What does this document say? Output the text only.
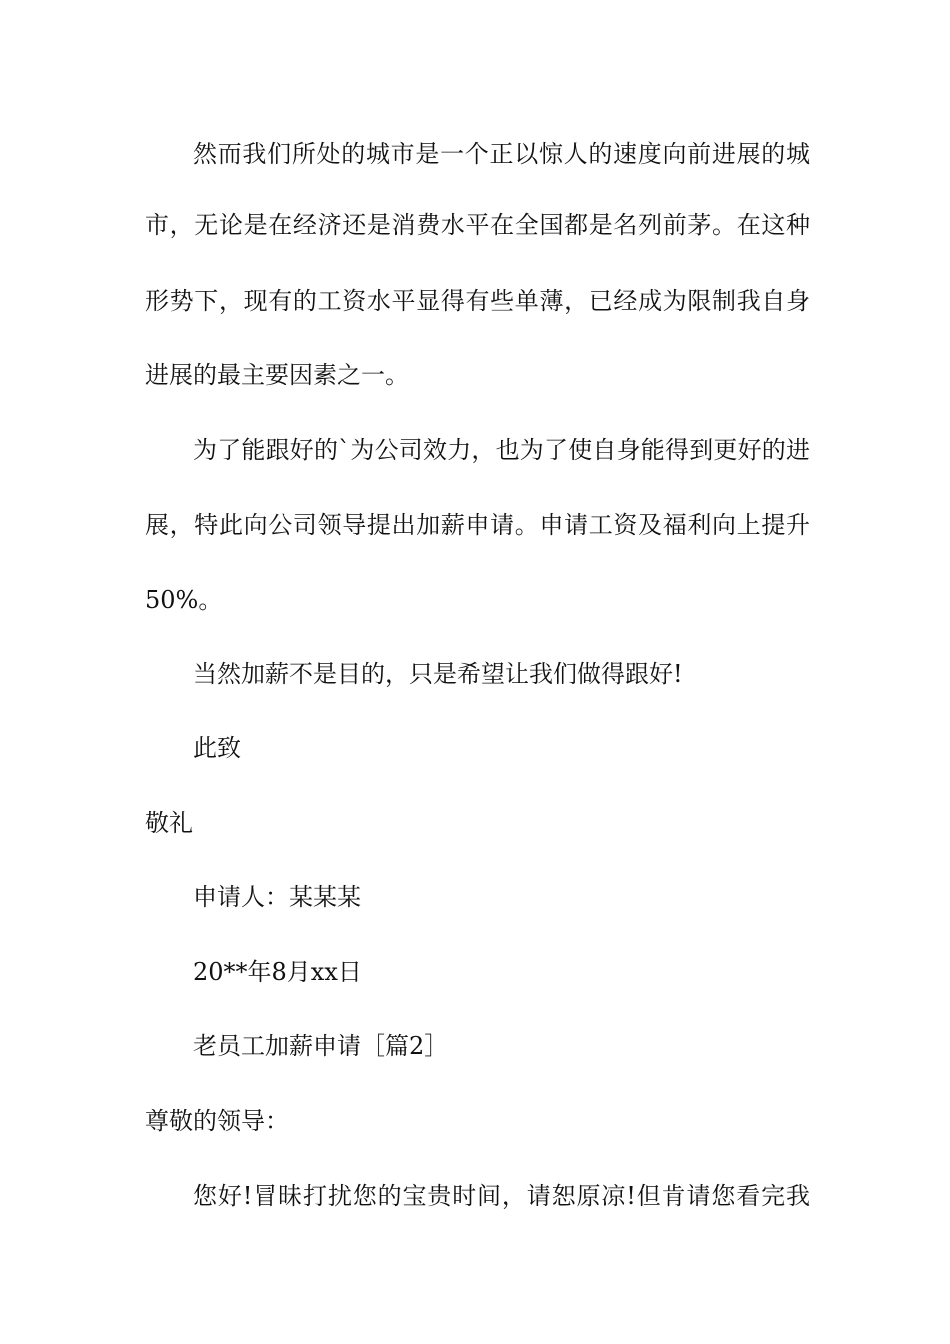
然而我们所处的城市是一个正以惊人的速度向前进展的城
市，无论是在经济还是消费水平在全国都是名列前茅。在这种
形势下，现有的工资水平显得有些单薄，已经成为限制我自身
进展的最主要因素之一。
为了能跟好的`为公司效力，也为了使自身能得到更好的进
展，特此向公司领导提出加薪申请。申请工资及福利向上提升
50%。
当然加薪不是目的，只是希望让我们做得跟好!
此致
敬礼
申请人：某某某
20**年8月xx日
老员工加薪申请［篇2］
尊敬的领导：
您好!冒昧打扰您的宝贵时间，请恕原凉!但肯请您看完我
